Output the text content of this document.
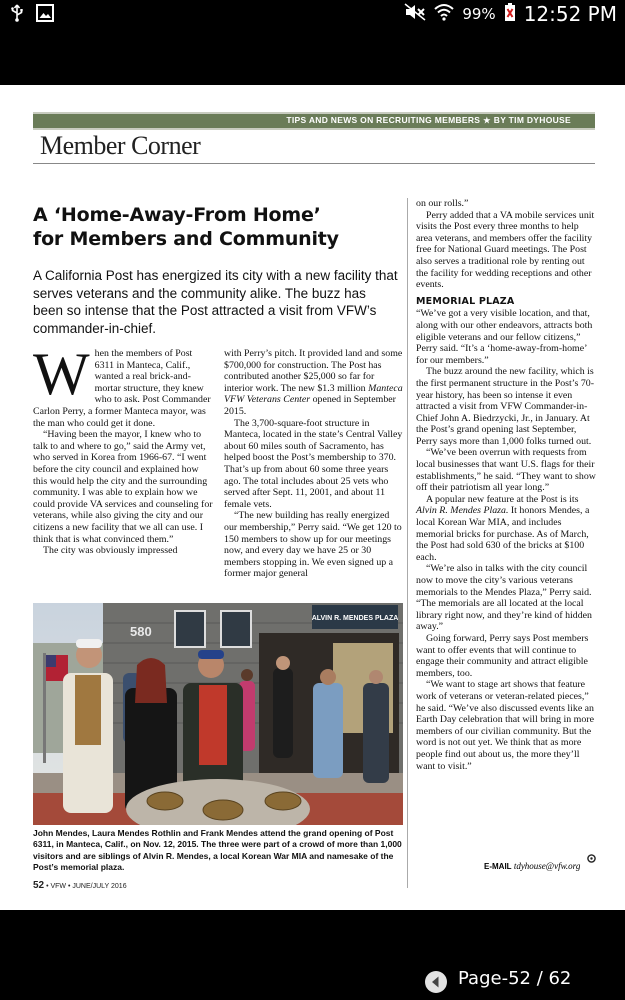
99% 12:52 PM
TIPS AND NEWS ON RECRUITING MEMBERS ★ BY TIM DYHOUSE
Member Corner
A ‘Home-Away-From Home’
for Members and Community
A California Post has energized its city with a new facility that serves veterans and the community alike. The buzz has been so intense that the Post attracted a visit from VFW’s commander-in-chief.

When the members of Post 6311 in Manteca, Calif., wanted a real brick-and-mortar structure, they knew who to ask. Post Commander Carlon Perry, a former Manteca mayor, was the man who could get it done.

“Having been the mayor, I knew who to talk to and where to go,” said the Army vet, who served in Korea from 1966-67. “I went before the city council and explained how this would help the city and the surrounding community. I was able to explain how we could provide VA services and counseling for veterans, while also giving the city and our citizens a new facility that we all can use. I think that is what convinced them.”

The city was obviously impressed

with Perry’s pitch. It provided land and some $700,000 for construction. The Post has contributed another $25,000 so far for interior work. The new $1.3 million Manteca VFW Veterans Center opened in September 2015.

The 3,700-square-foot structure in Manteca, located in the state’s Central Valley about 60 miles south of Sacramento, has helped boost the Post’s membership to 370. That’s up from about 60 some three years ago. The total includes about 25 vets who served after Sept. 11, 2001, and about 11 female vets.

“The new building has really energized our membership,” Perry said. “We get 120 to 150 members to show up for our meetings now, and every day we have 25 or 30 members stopping in. We even signed up a former major general

on our rolls.”

Perry added that a VA mobile services unit visits the Post every three months to help area veterans, and members offer the facility free for National Guard meetings. The Post also serves a traditional role by renting out the facility for wedding receptions and other events.

MEMORIAL PLAZA

“We’ve got a very visible location, and that, along with our other endeavors, attracts both eligible veterans and our fellow citizens,” Perry said. “It’s a ‘home-away-from-home’ for our members.”

The buzz around the new facility, which is the first permanent structure in the Post’s 70-year history, has been so intense it even attracted a visit from VFW Commander-in-Chief John A. Biedrzycki, Jr., in January. At the Post’s grand opening last September, Perry says more than 1,000 folks turned out.

“We’ve been overrun with requests from local businesses that want U.S. flags for their establishments,” he said. “They want to show off their patriotism all year long.”

A popular new feature at the Post is its Alvin R. Mendes Plaza. It honors Mendes, a local Korean War MIA, and includes memorial bricks for purchase. As of March, the Post had sold 630 of the bricks at $100 each.

“We’re also in talks with the city council now to move the city’s various veterans memorials to the Mendes Plaza,” Perry said. “The memorials are all located at the local library right now, and they’re kind of hidden away.”

Going forward, Perry says Post members want to offer events that will continue to engage their community and attract eligible members, too.

“We want to stage art shows that feature work of veterans or veteran-related pieces,” he said. “We’ve also discussed events like an Earth Day celebration that will bring in more members of our civilian community. But the word is not out yet. We think that as more people find out about us, the more they’ll want to visit.”

E-MAIL tdyhouse@vfw.org
580
ALVIN R. MENDES PLAZA
John Mendes, Laura Mendes Rothlin and Frank Mendes attend the grand opening of Post 6311, in Manteca, Calif., on Nov. 12, 2015. The three were part of a crowd of more than 1,000 visitors and are siblings of Alvin R. Mendes, a local Korean War MIA and namesake of the Post’s memorial plaza.
52 • VFW • JUNE/JULY 2016
Page-52 / 62
